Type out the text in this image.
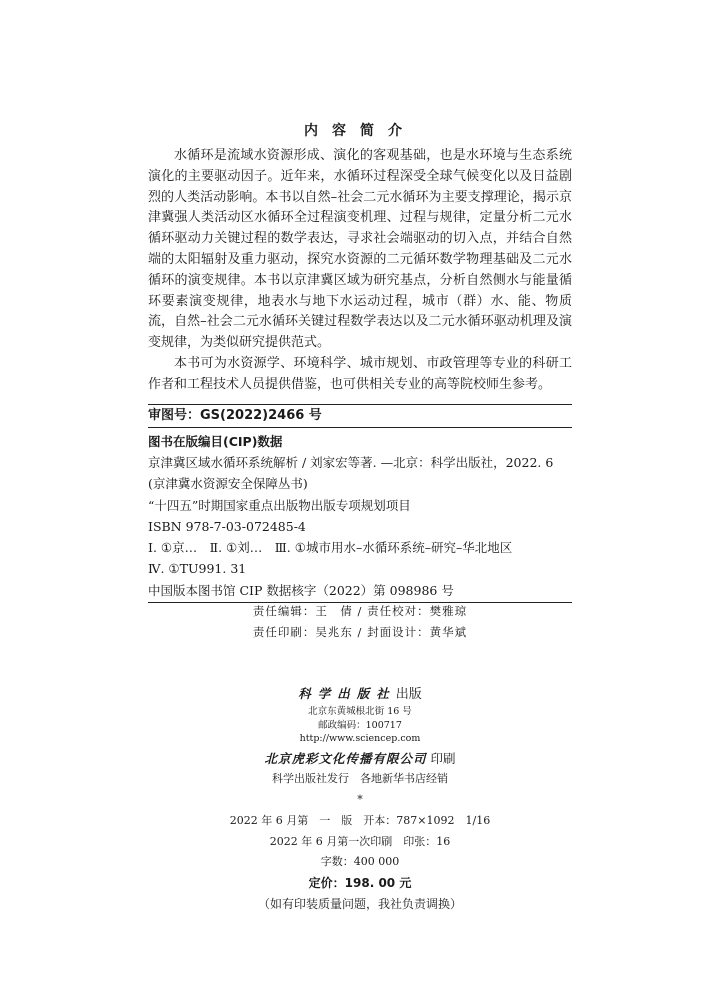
内容简介

水循环是流域水资源形成、演化的客观基础，也是水环境与生态系统演化的主要驱动因子。近年来，水循环过程深受全球气候变化以及日益剧烈的人类活动影响。本书以自然–社会二元水循环为主要支撑理论，揭示京津冀强人类活动区水循环全过程演变机理、过程与规律，定量分析二元水循环驱动力关键过程的数学表达，寻求社会端驱动的切入点，并结合自然端的太阳辐射及重力驱动，探究水资源的二元循环数学物理基础及二元水循环的演变规律。本书以京津冀区域为研究基点，分析自然侧水与能量循环要素演变规律，地表水与地下水运动过程，城市（群）水、能、物质流，自然–社会二元水循环关键过程数学表达以及二元水循环驱动机理及演变规律，为类似研究提供范式。

本书可为水资源学、环境科学、城市规划、市政管理等专业的科研工作者和工程技术人员提供借鉴，也可供相关专业的高等院校师生参考。

审图号：GS(2022)2466 号
图书在版编目(CIP)数据
京津冀区域水循环系统解析 / 刘家宏等著. —北京：科学出版社，2022. 6
(京津冀水资源安全保障丛书)
“十四五”时期国家重点出版物出版专项规划项目
ISBN 978-7-03-072485-4
Ⅰ. ①京…　Ⅱ. ①刘…　Ⅲ. ①城市用水–水循环系统–研究–华北地区
Ⅳ. ①TU991. 31
中国版本图书馆 CIP 数据核字（2022）第 098986 号
责任编辑：王　倩 / 责任校对：樊雅琼
责任印刷：吴兆东 / 封面设计：黄华斌
科学出版社出版
北京东黄城根北街 16 号
邮政编码：100717
http://www.sciencep.com
北京虎彩文化传播有限公司 印刷
科学出版社发行　各地新华书店经销
*
2022 年 6 月第　一　版　开本：787×1092　1/16
2022 年 6 月第一次印刷　印张：16
字数：400 000
定价：198. 00 元
（如有印装质量问题，我社负责调换）
